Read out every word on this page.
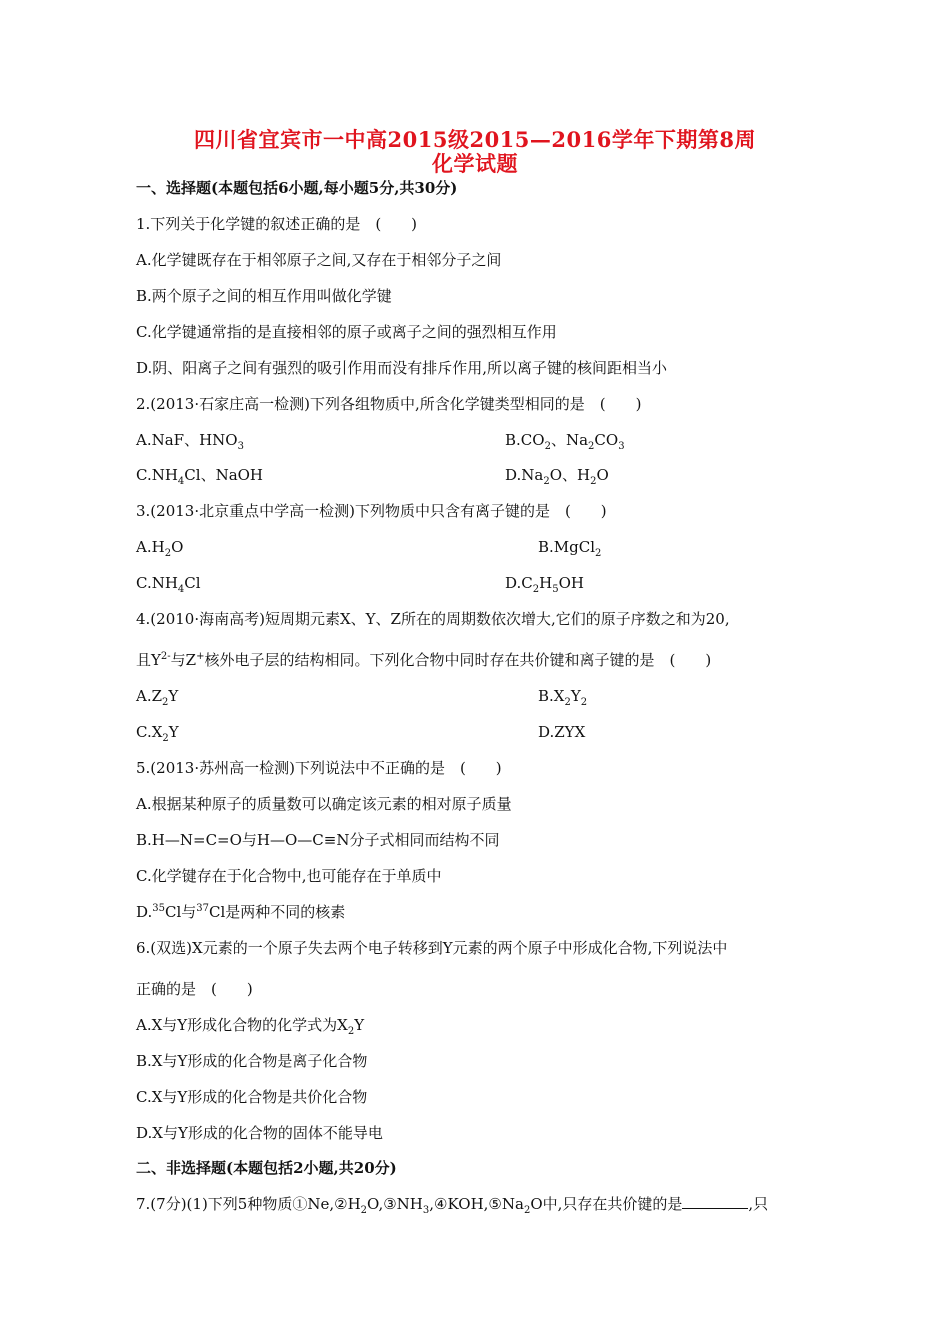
四川省宜宾市一中高2015级2015—2016学年下期第8周
化学试题
一、选择题(本题包括6小题,每小题5分,共30分)
1.下列关于化学键的叙述正确的是　(　　)
A.化学键既存在于相邻原子之间,又存在于相邻分子之间
B.两个原子之间的相互作用叫做化学键
C.化学键通常指的是直接相邻的原子或离子之间的强烈相互作用
D.阴、阳离子之间有强烈的吸引作用而没有排斥作用,所以离子键的核间距相当小
2.(2013·石家庄高一检测)下列各组物质中,所含化学键类型相同的是　(　　)
A.NaF、$HNO_3$	$B.CO_2$、$Na_2CO_3$
$C.NH_4Cl$、NaOH	$D.Na_2O$、$H_2O$
3.(2013·北京重点中学高一检测)下列物质中只含有离子键的是　(　　)
$A.H_2O$	B.MgCl$_2$
$C.NH_4Cl$	$D.C_2H_5OH$
4.(2010·海南高考)短周期元素X、Y、Z所在的周期数依次增大,它们的原子序数之和为20,
且$Y^{2-}$与Z+核外电子层的结构相同。下列化合物中同时存在共价键和离子键的是　(　　)
$A.Z_2Y$	$B.X_2Y_2$
$C.X_2Y$	D.ZYX
5.(2013·苏州高一检测)下列说法中不正确的是　(　　)
A.根据某种原子的质量数可以确定该元素的相对原子质量
B.H—N=C=O与H—O—C≡N分子式相同而结构不同
C.化学键存在于化合物中,也可能存在于单质中
D.$^{35}$Cl与$^{37}$Cl是两种不同的核素
6.(双选)X元素的一个原子失去两个电子转移到Y元素的两个原子中形成化合物,下列说法中
正确的是　(　　)
A.X与Y形成化合物的化学式为$X_2Y$
B.X与Y形成的化合物是离子化合物
C.X与Y形成的化合物是共价化合物
D.X与Y形成的化合物的固体不能导电
二、非选择题(本题包括2小题,共20分)
7.(7分)(1)下列5种物质$①Ne,②H_2O,③NH_3,④KOH,⑤Na_2O$中,只存在共价键的是	,只
